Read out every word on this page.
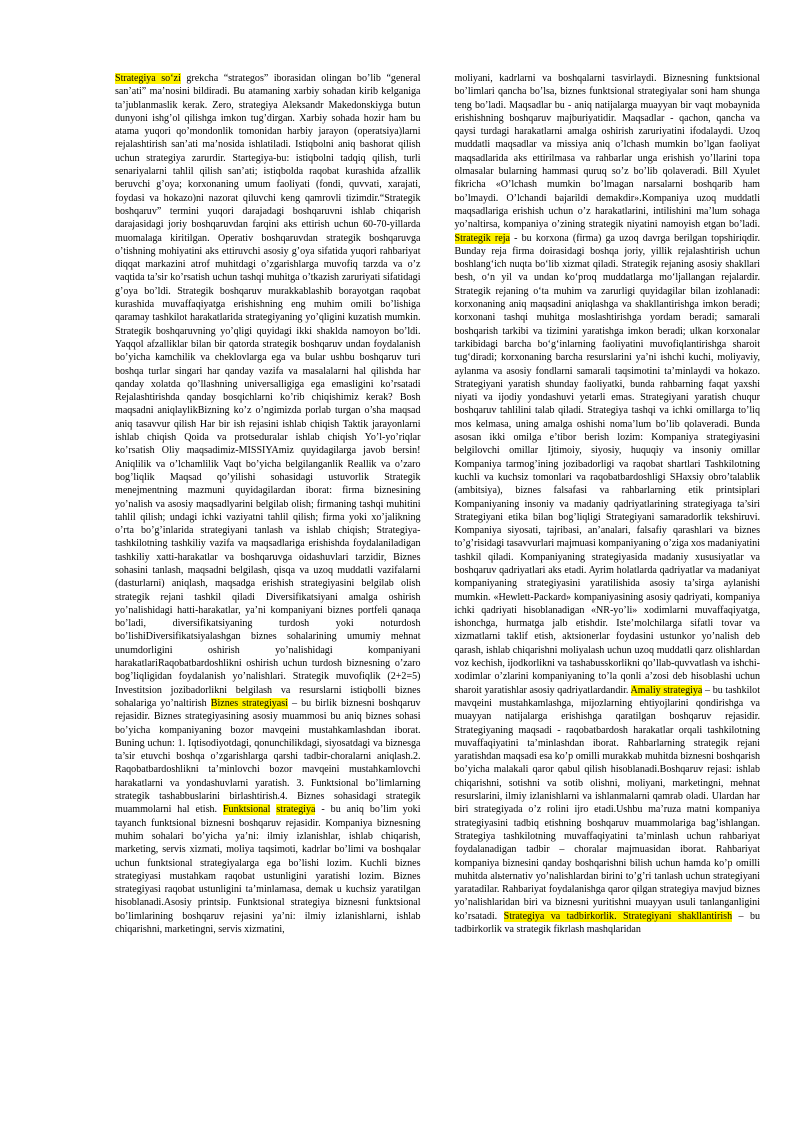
Strategiya so‘zi grekcha “strategos” iborasidan olingan bo’lib “general san’ati” ma’nosini bildiradi. Bu atamaning xarbiy sohadan kirib kelganiga ta’jublanmaslik kerak. Zero, strategiya Aleksandr Makedonskiyga butun dunyoni ishg’ol qilishga imkon tug’dirgan. Xarbiy sohada hozir ham bu atama yuqori qo’mondonlik tomonidan harbiy jarayon (operatsiya)larni rejalashtirish san’ati ma’nosida ishlatiladi. Istiqbolni aniq bashorat qilish uchun strategiya zarurdir. Startegiya-bu: istiqbolni tadqiq qilish, turli senariyalarni tahlil qilish san’ati; istiqbolda raqobat kurashida afzallik beruvchi g’oya; korxonaning umum faoliyati (fondi, quvvati, xarajati, foydasi va hokazo)ni nazorat qiluvchi keng qamrovli tizimdir.“Strategik boshqaruv” termini yuqori darajadagi boshqaruvni ishlab chiqarish darajasidagi joriy boshqaruvdan farqini aks ettirish uchun 60-70-yillarda muomalaga kiritilgan. Operativ boshqaruvdan strategik boshqaruvga o’tishning mohiyatini aks ettiruvchi asosiy g’oya sifatida yuqori rahbariyat diqqat markazini atrof muhitdagi o’zgarishlarga muvofiq tarzda va o’z vaqtida ta’sir ko’rsatish uchun tashqi muhitga o’tkazish zaruriyati sifatidagi g’oya bo’ldi. Strategik boshqaruv murakkablashib borayotgan raqobat kurashida muvaffaqiyatga erishishning eng muhim omili bo’lishiga qaramay tashkilot harakatlarida strategiyaning yo’qligini kuzatish mumkin. Strategik boshqaruvning yo’qligi quyidagi ikki shaklda namoyon bo’ldi. Yaqqol afzalliklar bilan bir qatorda strategik boshqaruv undan foydalanish bo’yicha kamchilik va cheklovlarga ega va bular ushbu boshqaruv turi boshqa turlar singari har qanday vazifa va masalalarni hal qilishda har qanday xolatda qo’llashning universalligiga ega emasligini ko’rsatadi Rejalashtirishda qanday bosqichlarni ko’rib chiqishimiz kerak? Bosh maqsadni aniqlaylikBizning ko’z o’ngimizda porlab turgan o’sha maqsad aniq tasavvur qilish Har bir ish rejasini ishlab chiqish Taktik jarayonlarni ishlab chiqish Qoida va protseduralar ishlab chiqish Yo’l-yo’riqlar ko’rsatish Oliy maqsadimiz-MISSIYAmiz quyidagilarga javob bersin! Aniqlilik va o’lchamlilik Vaqt bo’yicha belgilanganlik Reallik va o’zaro bog’liqlik Maqsad qo’yilishi sohasidagi ustuvorlik Strategik menejmentning mazmuni quyidagilardan iborat: firma biznesining yo’nalish va asosiy maqsadlyarini belgilab olish; firmaning tashqi muhitini tahlil qilish; undagi ichki vaziyatni tahlil qilish; firma yoki xo’jalikning o’rta bo’g’inlarida strategiyani tanlash va ishlab chiqish; Strategiya-tashkilotning tashkiliy vazifa va maqsadlariga erishishda foydalaniladigan tashkiliy xatti-harakatlar va boshqaruvga oidashuvlari tarzidir, Biznes sohasini tanlash, maqsadni belgilash, qisqa va uzoq muddatli vazifalarni (dasturlarni) aniqlash, maqsadga erishish strategiyasini belgilab olish strategik rejani tashkil qiladi Diversifikatsiyani amalga oshirish yo’nalishidagi hatti-harakatlar, ya’ni kompaniyani biznes portfeli qanaqa bo’ladi, diversifikatsiyaning turdosh yoki noturdosh bo’lishiDiversifikatsiyalashgan biznes sohalarining umumiy mehnat unumdorligini oshirish yo’nalishidagi kompaniyani harakatlariRaqobatbardoshlikni oshirish uchun turdosh biznesning o’zaro bog’liqligidan foydalanish yo’nalishlari. Strategik muvofiqlik (2+2=5) Investitsion jozibadorlikni belgilash va resurslarni istiqbolli biznes sohalariga yo’naltirish Biznes strategiyasi – bu birlik biznesni boshqaruv rejasidir. Biznes strategiyasining asosiy muammosi bu aniq biznes sohasi bo’yicha kompaniyaning bozor mavqeini mustahkamlashdan iborat. Buning uchun: 1. Iqtisodiyotdagi, qonunchilikdagi, siyosatdagi va biznesga ta’sir etuvchi boshqa o’zgarishlarga qarshi tadbir-choralarni aniqlash.2. Raqobatbardoshlikni ta’minlovchi bozor mavqeini mustahkamlovchi harakatlarni va yondashuvlarni yaratish. 3. Funktsional bo’limlarning strategik tashabbuslarini birlashtirish.4. Biznes sohasidagi strategik muammolarni hal etish. Funktsional strategiya - bu aniq bo’lim yoki tayanch funktsional biznesni boshqaruv rejasidir. Kompaniya biznesning muhim sohalari bo’yicha ya’ni: ilmiy izlanishlar, ishlab chiqarish, marketing, servis xizmati, moliya taqsimoti, kadrlar bo’limi va boshqalar uchun funktsional strategiyalarga ega bo’lishi lozim. Kuchli biznes strategiyasi mustahkam raqobat ustunligini yaratishi lozim. Biznes strategiyasi raqobat ustunligini ta’minlamasa, demak u kuchsiz yaratilgan hisoblanadi.Asosiy printsip. Funktsional strategiya biznesni funktsional bo’limlarining boshqaruv rejasini ya’ni: ilmiy izlanishlarni, ishlab chiqarishni, marketingni, servis xizmatini,

moliyani, kadrlarni va boshqalarni tasvirlaydi. Biznesning funktsional bo’limlari qancha bo’lsa, biznes funktsional strategiyalar soni ham shunga teng bo’ladi. Maqsadlar bu - aniq natijalarga muayyan bir vaqt mobaynida erishishning boshqaruv majburiyatidir. Maqsadlar - qachon, qancha va qaysi turdagi harakatlarni amalga oshirish zaruriyatini ifodalaydi. Uzoq muddatli maqsadlar va missiya aniq o’lchash mumkin bo’lgan faoliyat maqsadlarida aks ettirilmasa va rahbarlar unga erishish yo’llarini topa olmasalar bularning hammasi quruq so’z bo’lib qolaveradi. Bill Xyulet fikricha «O’lchash mumkin bo’lmagan narsalarni boshqarib ham bo’lmaydi. O’lchandi bajarildi demakdir».Kompaniya uzoq muddatli maqsadlariga erishish uchun o’z harakatlarini, intilishini ma’lum sohaga yo’naltirsa, kompaniya o’zining strategik niyatini namoyish etgan bo’ladi. Strategik reja - bu korxona (firma) ga uzoq davrga berilgan topshiriqdir. Bunday reja firma doirasidagi boshqa joriy, yillik rejalashtirish uchun boshlang‘ich nuqta bo‘lib xizmat qiladi. Strategik rejaning asosiy shakllari besh, o‘n yil va undan ko‘proq muddatlarga mo‘ljallangan rejalardir. Strategik rejaning o‘ta muhim va zarurligi quyidagilar bilan izohlanadi: korxonaning aniq maqsadini aniqlashga va shakllantirishga imkon beradi; korxonani tashqi muhitga moslashtirishga yordam beradi; samarali boshqarish tarkibi va tizimini yaratishga imkon beradi; ulkan korxonalar tarkibidagi barcha bo‘g‘inlarning faoliyatini muvofiqlantirishga sharoit tug‘diradi; korxonaning barcha resurslarini ya’ni ishchi kuchi, moliyaviy, aylanma va asosiy fondlarni samarali taqsimotini ta’minlaydi va hokazo. Strategiyani yaratish shunday faoliyatki, bunda rahbarning faqat yaxshi niyati va ijodiy yondashuvi yetarli emas. Strategiyani yaratish chuqur boshqaruv tahlilini talab qiladi. Strategiya tashqi va ichki omillarga to’liq mos kelmasa, uning amalga oshishi noma’lum bo’lib qolaveradi. Bunda asosan ikki omilga e’tibor berish lozim: Kompaniya strategiyasini belgilovchi omillar Ijtimoiy, siyosiy, huquqiy va insoniy omillar Kompaniya tarmog’ining jozibadorligi va raqobat shartlari Tashkilotning kuchli va kuchsiz tomonlari va raqobatbardoshligi SHaxsiy obro’talablik (ambitsiya), biznes falsafasi va rahbarlarning etik printsiplari Kompaniyaning insoniy va madaniy qadriyatlarining strategiyaga ta’siri Strategiyani etika bilan bog’liqligi Strategiyani samaradorlik tekshiruvi. Kompaniya siyosati, tajribasi, an’analari, falsafiy qarashlari va biznes to’g’risidagi tasavvurlari majmuasi kompaniyaning o’ziga xos madaniyatini tashkil qiladi. Kompaniyaning strategiyasida madaniy xususiyatlar va boshqaruv qadriyatlari aks etadi. Ayrim holatlarda qadriyatlar va madaniyat kompaniyaning strategiyasini yaratilishida asosiy ta’sirga aylanishi mumkin. «Hewlett-Packard» kompaniyasining asosiy qadriyati, kompaniya ichki qadriyati hisoblanadigan «NR-yo’li» xodimlarni muvaffaqiyatga, ishonchga, hurmatga jalb etishdir. Iste’molchilarga sifatli tovar va xizmatlarni taklif etish, aktsionerlar foydasini ustunkor yo’nalish deb qarash, ishlab chiqarishni moliyalash uchun uzoq muddatli qarz olishlardan voz kechish, ijodkorlikni va tashabusskorlikni qo’llab-quvvatlash va ishchi-xodimlar o’zlarini kompaniyaning to’la qonli a’zosi deb hisoblashi uchun sharoit yaratishlar asosiy qadriyatlardandir. Amaliy strategiya – bu tashkilot mavqeini mustahkamlashga, mijozlarning ehtiyojlarini qondirishga va muayyan natijalarga erishishga qaratilgan boshqaruv rejasidir. Strategiyaning maqsadi - raqobatbardosh harakatlar orqali tashkilotning muvaffaqiyatini ta’minlashdan iborat. Rahbarlarning strategik rejani yaratishdan maqsadi esa ko’p omilli murakkab muhitda biznesni boshqarish bo’yicha malakali qaror qabul qilish hisoblanadi.Boshqaruv rejasi: ishlab chiqarishni, sotishni va sotib olishni, moliyani, marketingni, mehnat resurslarini, ilmiy izlanishlarni va ishlanmalarni qamrab oladi. Ulardan har biri strategiyada o’z rolini ijro etadi.Ushbu ma’ruza matni kompaniya strategiyasini tadbiq etishning boshqaruv muammolariga bag’ishlangan. Strategiya tashkilotning muvaffaqiyatini ta’minlash uchun rahbariyat foydalanadigan tadbir – choralar majmuasidan iborat. Rahbariyat kompaniya biznesini qanday boshqarishni bilish uchun hamda ko’p omilli muhitda alьternativ yo’nalishlardan birini to’g’ri tanlash uchun strategiyani yaratadilar. Rahbariyat foydalanishga qaror qilgan strategiya mavjud biznes yo’nalishlaridan biri va biznesni yuritishni muayyan usuli tanlanganligini ko’rsatadi. Strategiya va tadbirkorlik. Strategiyani shakllantirish – bu tadbirkorlik va strategik fikrlash mashqlaridan
